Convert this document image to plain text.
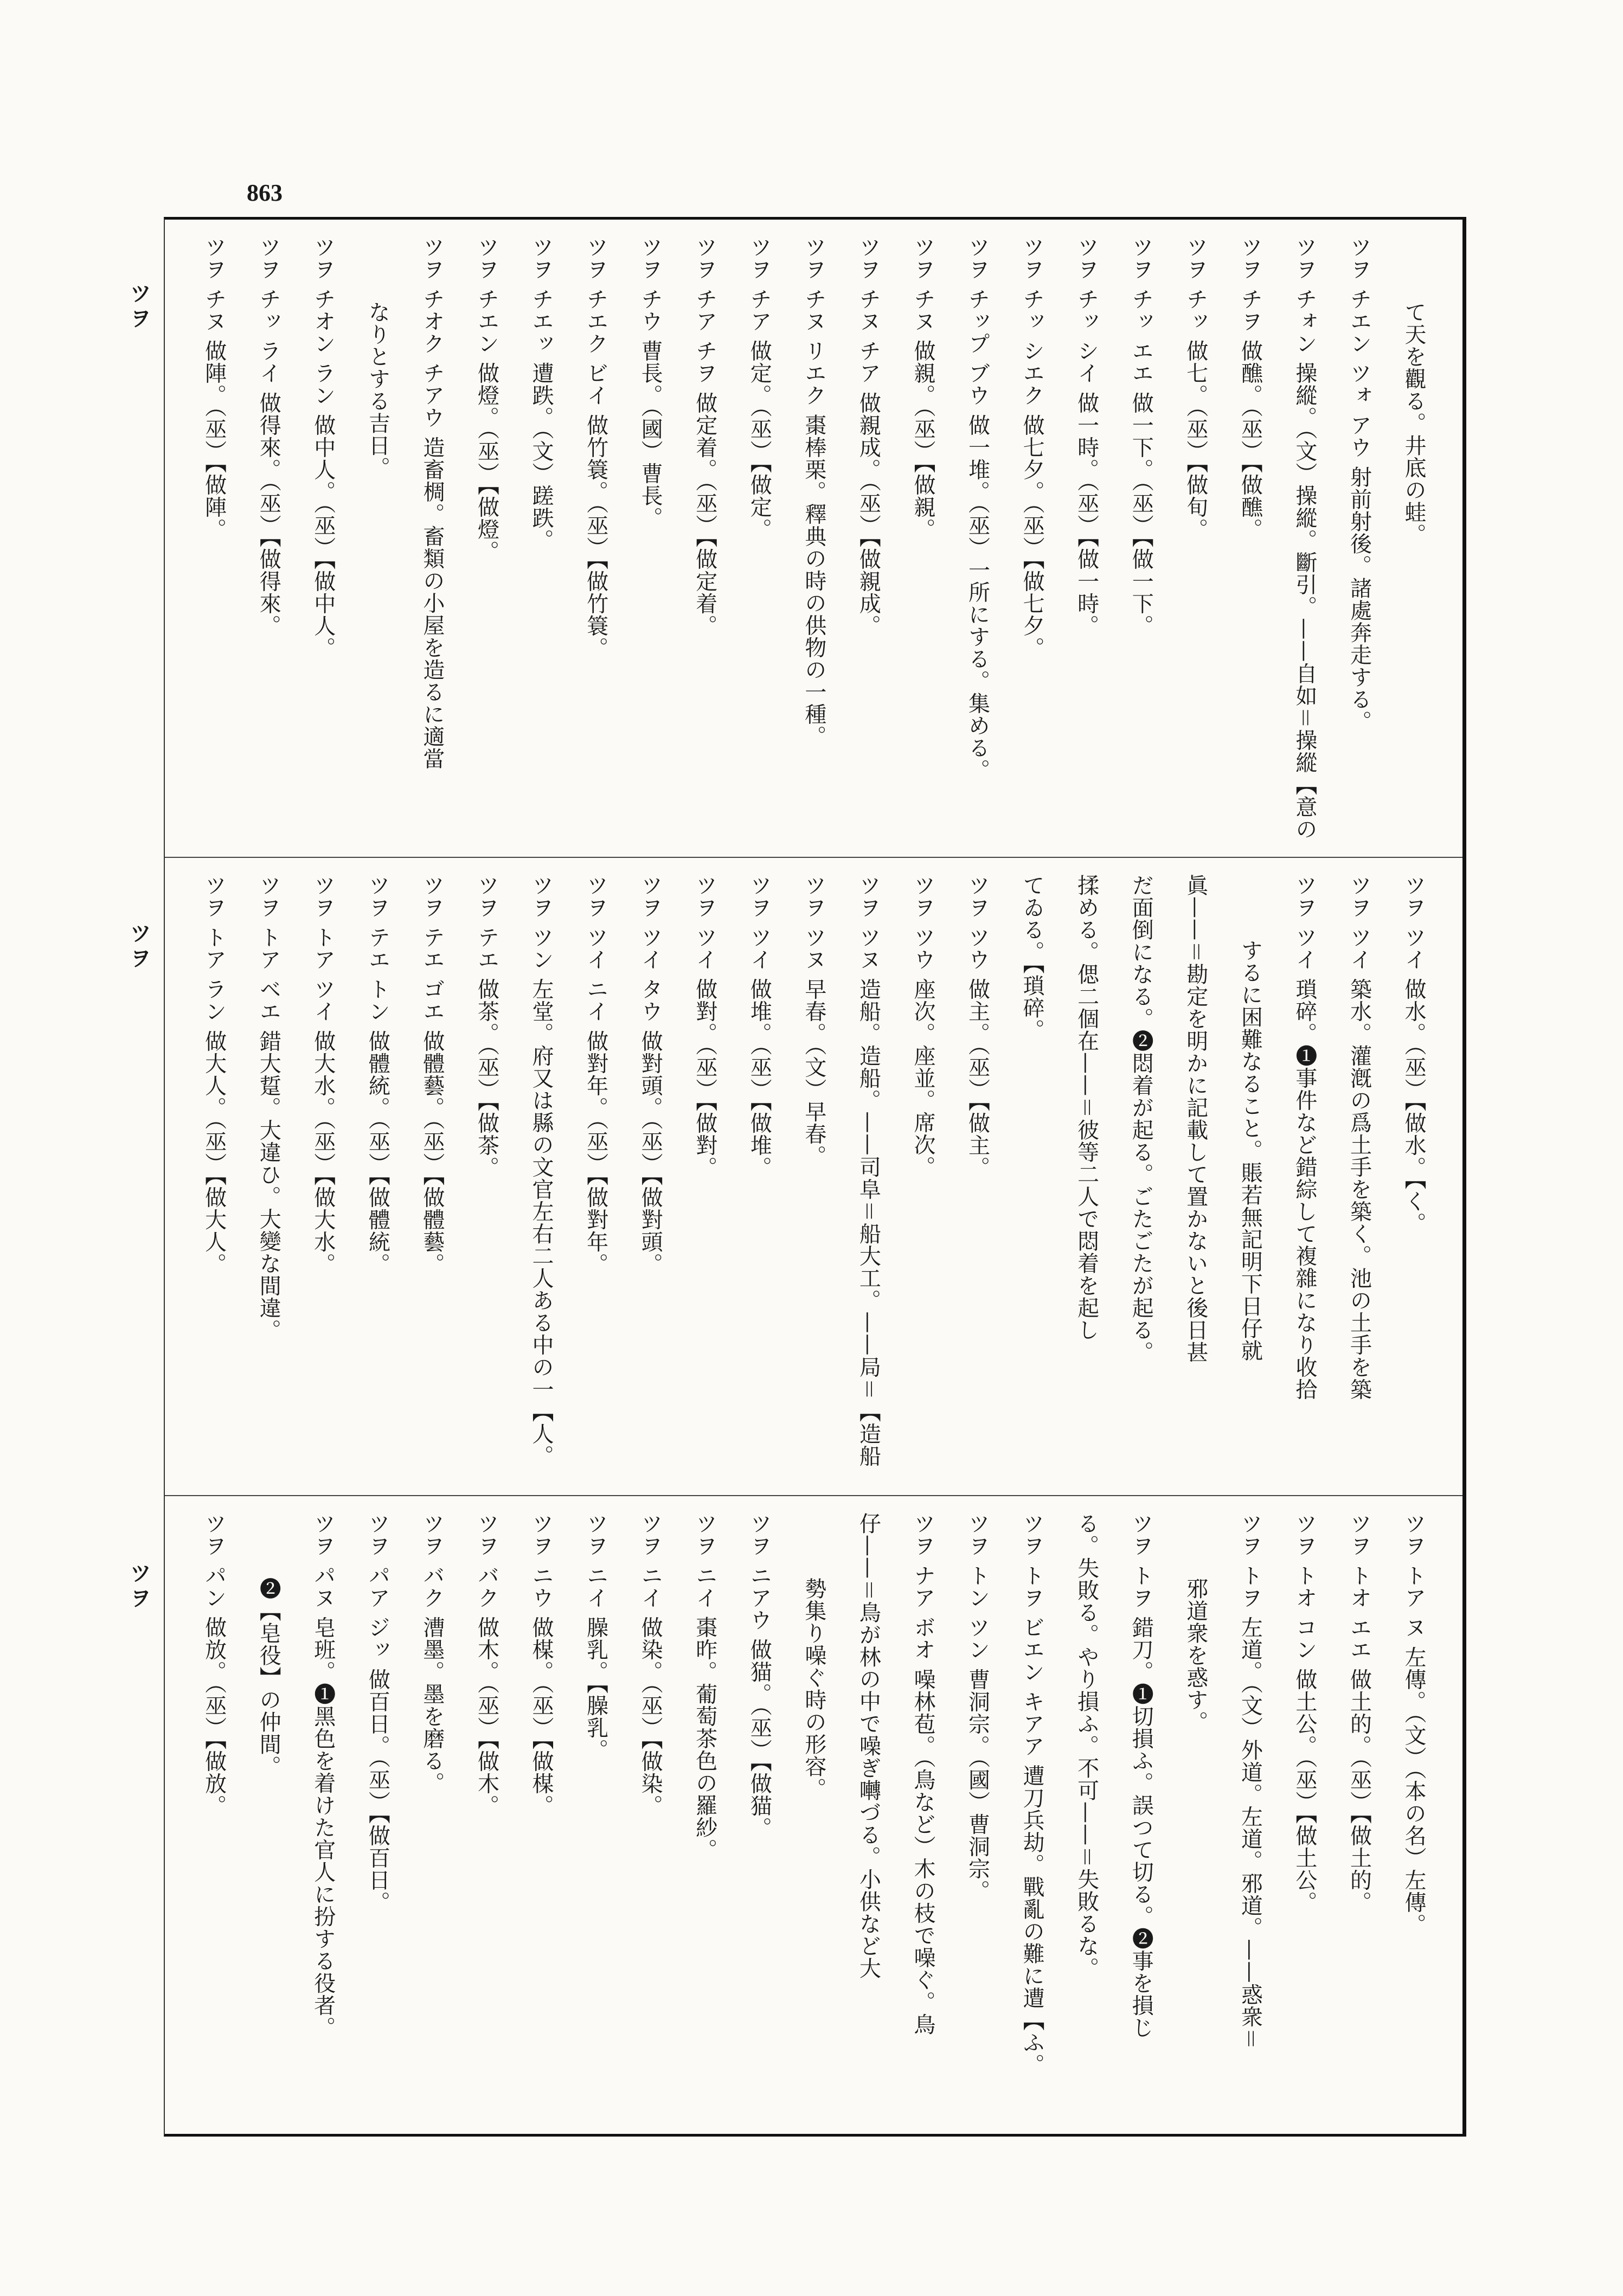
863
ツヲ
ツヲ
ツヲ
て天を觀る。井底の蛙。
ツヲ チエン ツォ アウ 射前射後。諸處奔走する。
ツヲ チォン 操縱。（文）操縱。斷引。——自如＝操縱【意の
ツヲ チヲ 做醮。（巫）【做醮。
ツヲ チッ 做七。（巫）【做旬。
ツヲ チッ エエ 做一下。（巫）【做一下。
ツヲ チッ シイ 做一時。（巫）【做一時。
ツヲ チッ シエク 做七夕。（巫）【做七夕。
ツヲ チップ ブウ 做一堆。（巫）一所にする。集める。
ツヲ チヌ 做親。（巫）【做親。
ツヲ チヌ チア 做親成。（巫）【做親成。
ツヲ チヌ リエク 棗棒栗。釋典の時の供物の一種。
ツヲ チア 做定。（巫）【做定。
ツヲ チア チヲ 做定着。（巫）【做定着。
ツヲ チウ 曹長。（國）曹長。
ツヲ チエク ビイ 做竹簑。（巫）【做竹簑。
ツヲ チエッ 遭跌。（文）蹉跌。
ツヲ チエン 做燈。（巫）【做燈。
ツヲ チオク チアウ 造畜椆。畜類の小屋を造るに適當
なりとする吉日。
ツヲ チオン ラン 做中人。（巫）【做中人。
ツヲ チッ ライ 做得來。（巫）【做得來。
ツヲ チヌ 做陣。（巫）【做陣。
ツヲ ツイ 做水。（巫）【做水。【く。
ツヲ ツイ 築水。灌漑の爲土手を築く。池の土手を築
ツヲ ツイ 瑣碎。❶事件など錯綜して複雜になり收拾
するに困難なること。賬若無記明下日仔就
眞——＝勘定を明かに記載して置かないと後日甚
だ面倒になる。❷悶着が起る。ごたごたが起る。
揉める。偲二個在——＝彼等二人で悶着を起し
てゐる。【瑣碎。
ツヲ ツウ 做主。（巫）【做主。
ツヲ ツウ 座次。座並。席次。
ツヲ ツヌ 造船。造船。——司阜＝船大工。——局＝【造船
ツヲ ツヌ 早春。（文）早春。
ツヲ ツイ 做堆。（巫）【做堆。
ツヲ ツイ 做對。（巫）【做對。
ツヲ ツイ タウ 做對頭。（巫）【做對頭。
ツヲ ツイ ニイ 做對年。（巫）【做對年。
ツヲ ツン 左堂。府又は縣の文官左右二人ある中の一【人。
ツヲ テエ 做茶。（巫）【做茶。
ツヲ テエ ゴエ 做體藝。（巫）【做體藝。
ツヲ テエ トン 做體統。（巫）【做體統。
ツヲ トア ツイ 做大水。（巫）【做大水。
ツヲ トア ベエ 錯大踅。大違ひ。大變な間違。
ツヲ トア ラン 做大人。（巫）【做大人。
ツヲ トア ヌ 左傳。（文）（本の名）左傳。
ツヲ トオ エエ 做土的。（巫）【做土的。
ツヲ トオ コン 做土公。（巫）【做土公。
ツヲ トヲ 左道。（文）外道。左道。邪道。——惑衆＝
邪道衆を惑す。
ツヲ トヲ 錯刀。❶切損ふ。誤つて切る。❷事を損じ
る。失敗る。やり損ふ。不可——＝失敗るな。
ツヲ トヲ ビエン キアア 遭刀兵劫。戰亂の難に遭【ふ。
ツヲ トン ツン 曹洞宗。（國）曹洞宗。
ツヲ ナア ボオ 噪林苞。（鳥など）木の枝で噪ぐ。鳥
仔——＝鳥が林の中で噪ぎ囀づる。小供など大
勢集り噪ぐ時の形容。
ツヲ ニアウ 做猫。（巫）【做猫。
ツヲ ニイ 棗昨。葡萄茶色の羅紗。
ツヲ ニイ 做染。（巫）【做染。
ツヲ ニイ 臊乳。【臊乳。
ツヲ ニウ 做楳。（巫）【做楳。
ツヲ バク 做木。（巫）【做木。
ツヲ バク 漕墨。墨を磨る。
ツヲ パア ジッ 做百日。（巫）【做百日。
ツヲ パヌ 皂班。❶黑色を着けた官人に扮する役者。
❷【皂役】の仲間。
ツヲ パン 做放。（巫）【做放。
